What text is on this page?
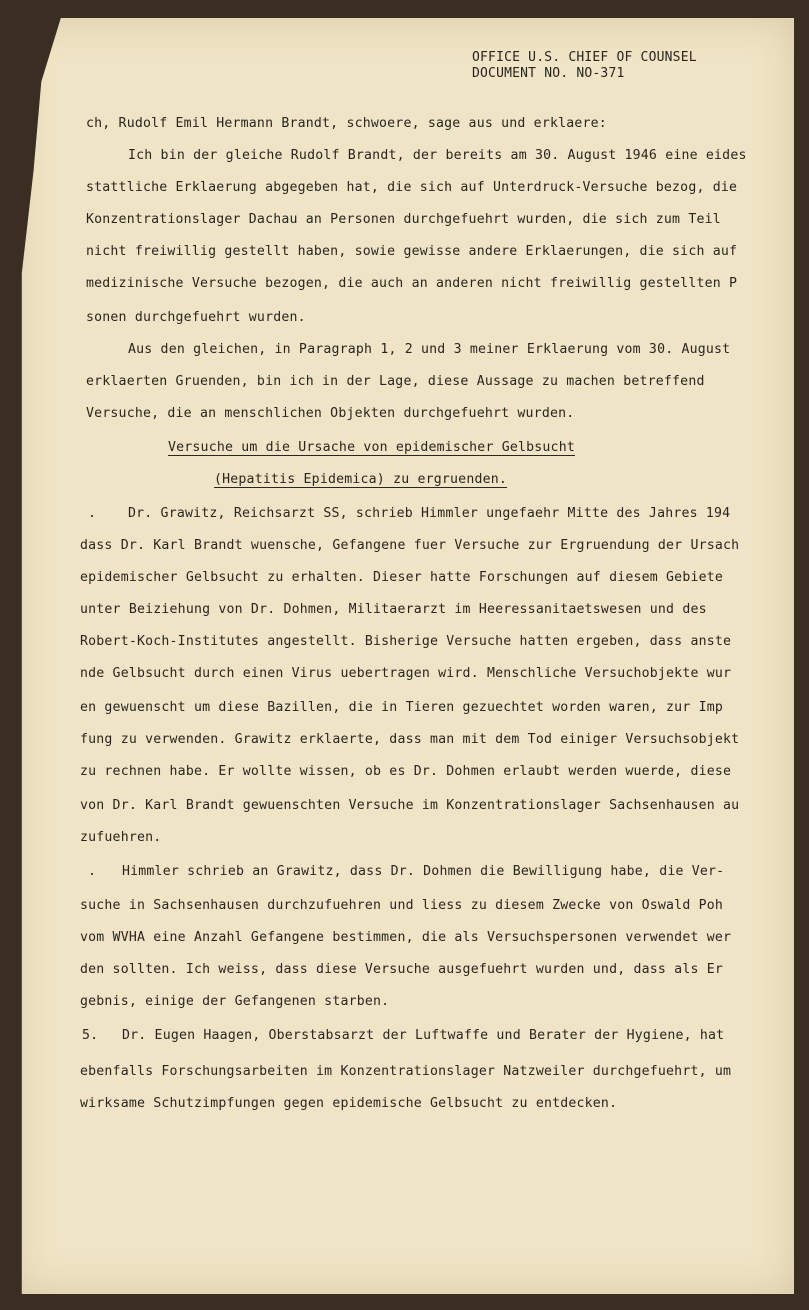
OFFICE U.S. CHIEF OF COUNSEL
DOCUMENT NO. NO-371
ch, Rudolf Emil Hermann Brandt, schwoere, sage aus und erklaere:
Ich bin der gleiche Rudolf Brandt, der bereits am 30. August 1946 eine eides
stattliche Erklaerung abgegeben hat, die sich auf Unterdruck-Versuche bezog, die
Konzentrationslager Dachau an Personen durchgefuehrt wurden, die sich zum Teil
nicht freiwillig gestellt haben, sowie gewisse andere Erklaerungen, die sich auf
medizinische Versuche bezogen, die auch an anderen nicht freiwillig gestellten P
sonen durchgefuehrt wurden.
Aus den gleichen, in Paragraph 1, 2 und 3 meiner Erklaerung vom 30. August
erklaerten Gruenden, bin ich in der Lage, diese Aussage zu machen betreffend
Versuche, die an menschlichen Objekten durchgefuehrt wurden.
Versuche um die Ursache von epidemischer Gelbsucht
(Hepatitis Epidemica) zu ergruenden.
. Dr. Grawitz, Reichsarzt SS, schrieb Himmler ungefaehr Mitte des Jahres 194
dass Dr. Karl Brandt wuensche, Gefangene fuer Versuche zur Ergruendung der Ursach
epidemischer Gelbsucht zu erhalten. Dieser hatte Forschungen auf diesem Gebiete
unter Beiziehung von Dr. Dohmen, Militaerarzt im Heeressanitaetswesen und des
Robert-Koch-Institutes angestellt. Bisherige Versuche hatten ergeben, dass anste
nde Gelbsucht durch einen Virus uebertragen wird. Menschliche Versuchobjekte wur
en gewuenscht um diese Bazillen, die in Tieren gezuechtet worden waren, zur Imp
fung zu verwenden. Grawitz erklaerte, dass man mit dem Tod einiger Versuchsobjekt
zu rechnen habe. Er wollte wissen, ob es Dr. Dohmen erlaubt werden wuerde, diese
von Dr. Karl Brandt gewuenschten Versuche im Konzentrationslager Sachsenhausen au
zufuehren.
. Himmler schrieb an Grawitz, dass Dr. Dohmen die Bewilligung habe, die Ver-
suche in Sachsenhausen durchzufuehren und liess zu diesem Zwecke von Oswald Poh
vom WVHA eine Anzahl Gefangene bestimmen, die als Versuchspersonen verwendet wer
den sollten. Ich weiss, dass diese Versuche ausgefuehrt wurden und, dass als Er
gebnis, einige der Gefangenen starben.
5. Dr. Eugen Haagen, Oberstabsarzt der Luftwaffe und Berater der Hygiene, hat
ebenfalls Forschungsarbeiten im Konzentrationslager Natzweiler durchgefuehrt, um
wirksame Schutzimpfungen gegen epidemische Gelbsucht zu entdecken.
